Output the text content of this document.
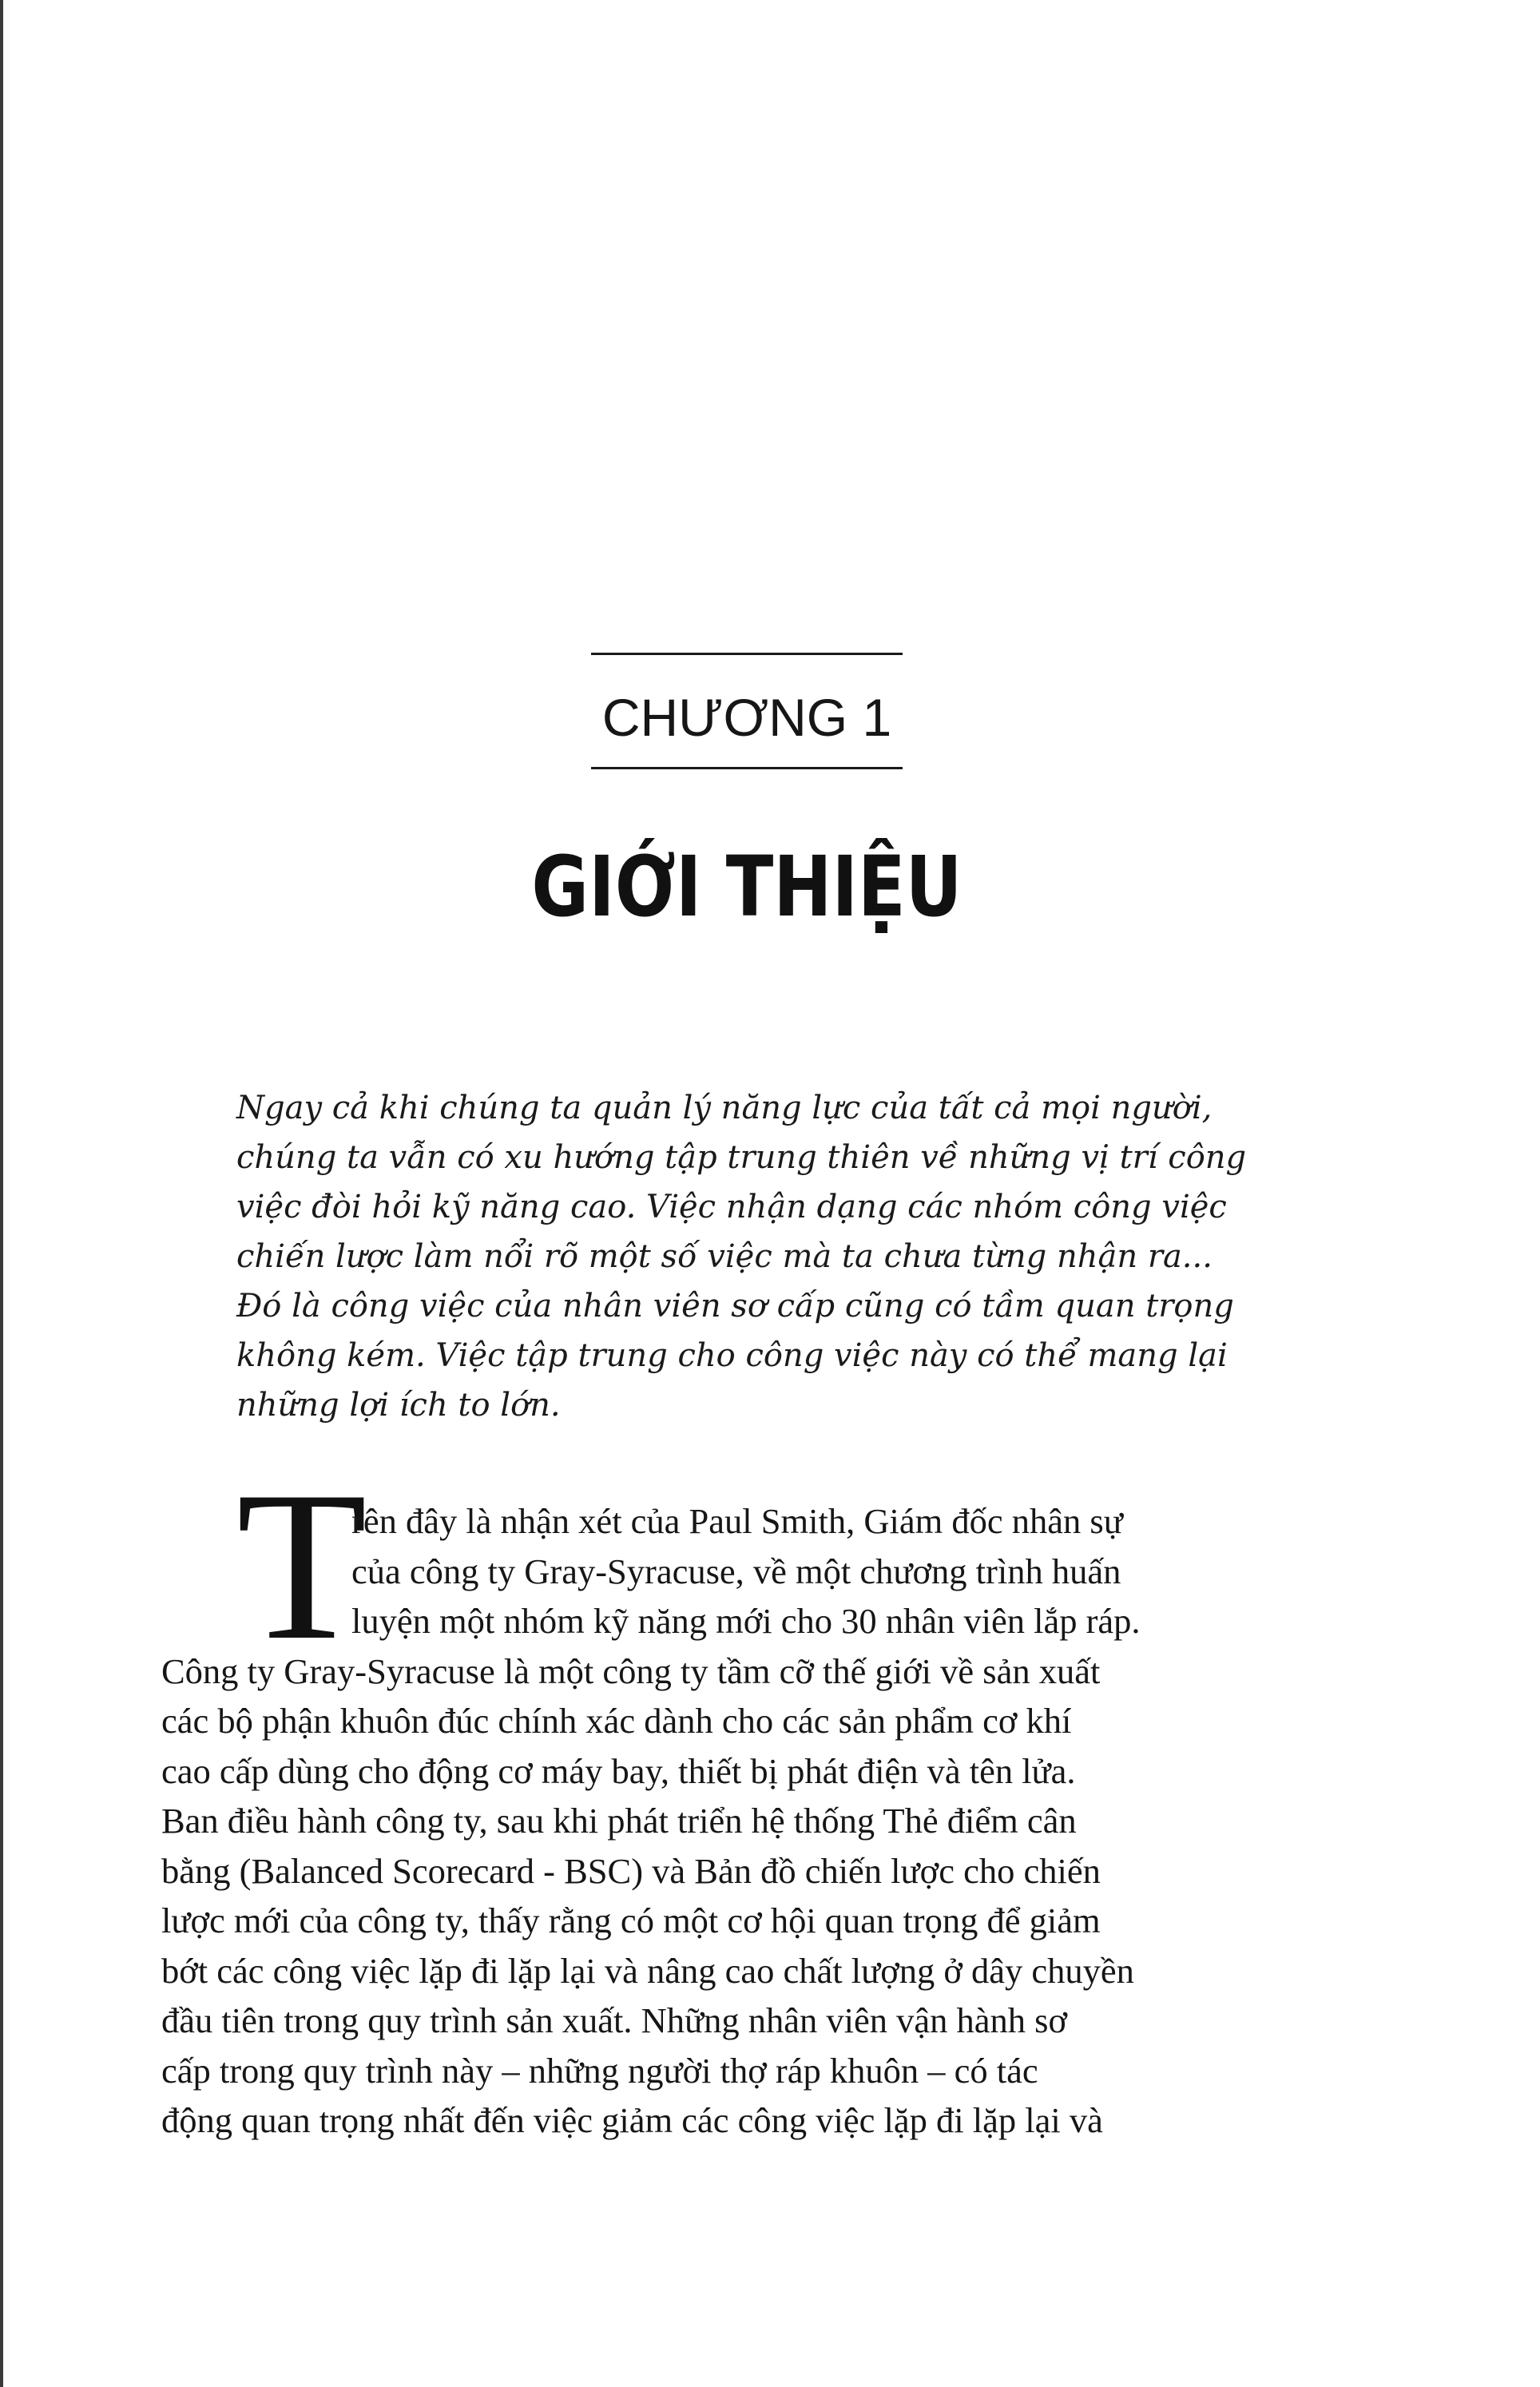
CHƯƠNG 1
GIỚI THIỆU

Ngay cả khi chúng ta quản lý năng lực của tất cả mọi người,

chúng ta vẫn có xu hướng tập trung thiên về những vị trí công

việc đòi hỏi kỹ năng cao. Việc nhận dạng các nhóm công việc

chiến lược làm nổi rõ một số việc mà ta chưa từng nhận ra...

Đó là công việc của nhân viên sơ cấp cũng có tầm quan trọng

không kém. Việc tập trung cho công việc này có thể mang lại

những lợi ích to lớn.

T

rên đây là nhận xét của Paul Smith, Giám đốc nhân sự

của công ty Gray-Syracuse, về một chương trình huấn

luyện một nhóm kỹ năng mới cho 30 nhân viên lắp ráp.

Công ty Gray-Syracuse là một công ty tầm cỡ thế giới về sản xuất

các bộ phận khuôn đúc chính xác dành cho các sản phẩm cơ khí

cao cấp dùng cho động cơ máy bay, thiết bị phát điện và tên lửa.

Ban điều hành công ty, sau khi phát triển hệ thống Thẻ điểm cân

bằng (Balanced Scorecard - BSC) và Bản đồ chiến lược cho chiến

lược mới của công ty, thấy rằng có một cơ hội quan trọng để giảm

bớt các công việc lặp đi lặp lại và nâng cao chất lượng ở dây chuyền

đầu tiên trong quy trình sản xuất. Những nhân viên vận hành sơ

cấp trong quy trình này – những người thợ ráp khuôn – có tác

động quan trọng nhất đến việc giảm các công việc lặp đi lặp lại và
